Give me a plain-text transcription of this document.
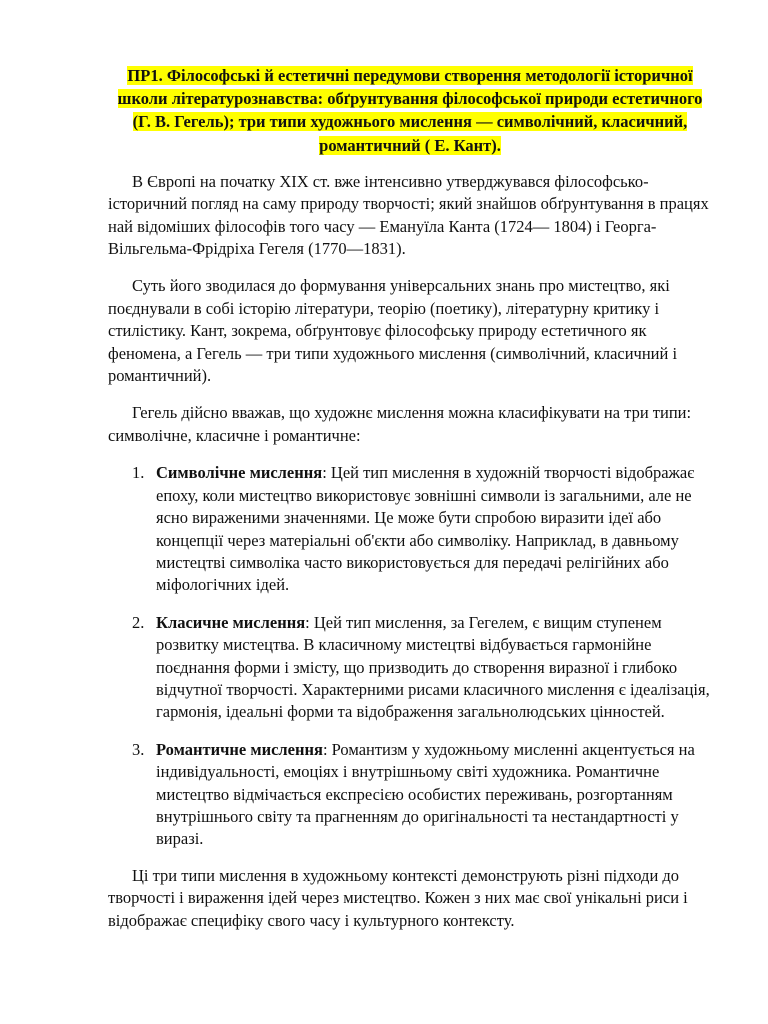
ПР1. Філософські й естетичні передумови створення методології історичної школи літературознавства: обґрунтування філософської природи естетичного (Г. В. Гегель); три типи художнього мислення — символічний, класичний, романтичний ( Е. Кант).

В Європі на початку ХІХ ст. вже інтенсивно утверджувався філософсько-історичний погляд на саму природу творчості; який знайшов обґрунтування в працях най відоміших філософів того часу — Емануїла Канта (1724— 1804) і Георга-Вільгельма-Фрідріха Гегеля (1770—1831).

Суть його зводилася до формування універсальних знань про мистецтво, які поєднували в собі історію літератури, теорію (поетику), літературну критику і стилістику. Кант, зокрема, обґрунтовує філософську природу естетичного як феномена, а Гегель — три типи художнього мислення (символічний, класичний і романтичний).

Гегель дійсно вважав, що художнє мислення можна класифікувати на три типи: символічне, класичне і романтичне:

1. Символічне мислення: Цей тип мислення в художній творчості відображає епоху, коли мистецтво використовує зовнішні символи із загальними, але не ясно вираженими значеннями. Це може бути спробою виразити ідеї або концепції через матеріальні об'єкти або символіку. Наприклад, в давньому мистецтві символіка часто використовується для передачі релігійних або міфологічних ідей.
2. Класичне мислення: Цей тип мислення, за Гегелем, є вищим ступенем розвитку мистецтва. В класичному мистецтві відбувається гармонійне поєднання форми і змісту, що призводить до створення виразної і глибоко відчутної творчості. Характерними рисами класичного мислення є ідеалізація, гармонія, ідеальні форми та відображення загальнолюдських цінностей.
3. Романтичне мислення: Романтизм у художньому мисленні акцентується на індивідуальності, емоціях і внутрішньому світі художника. Романтичне мистецтво відмічається експресією особистих переживань, розгортанням внутрішнього світу та прагненням до оригінальності та нестандартності у виразі.

Ці три типи мислення в художньому контексті демонструють різні підходи до творчості і вираження ідей через мистецтво. Кожен з них має свої унікальні риси і відображає специфіку свого часу і культурного контексту.
